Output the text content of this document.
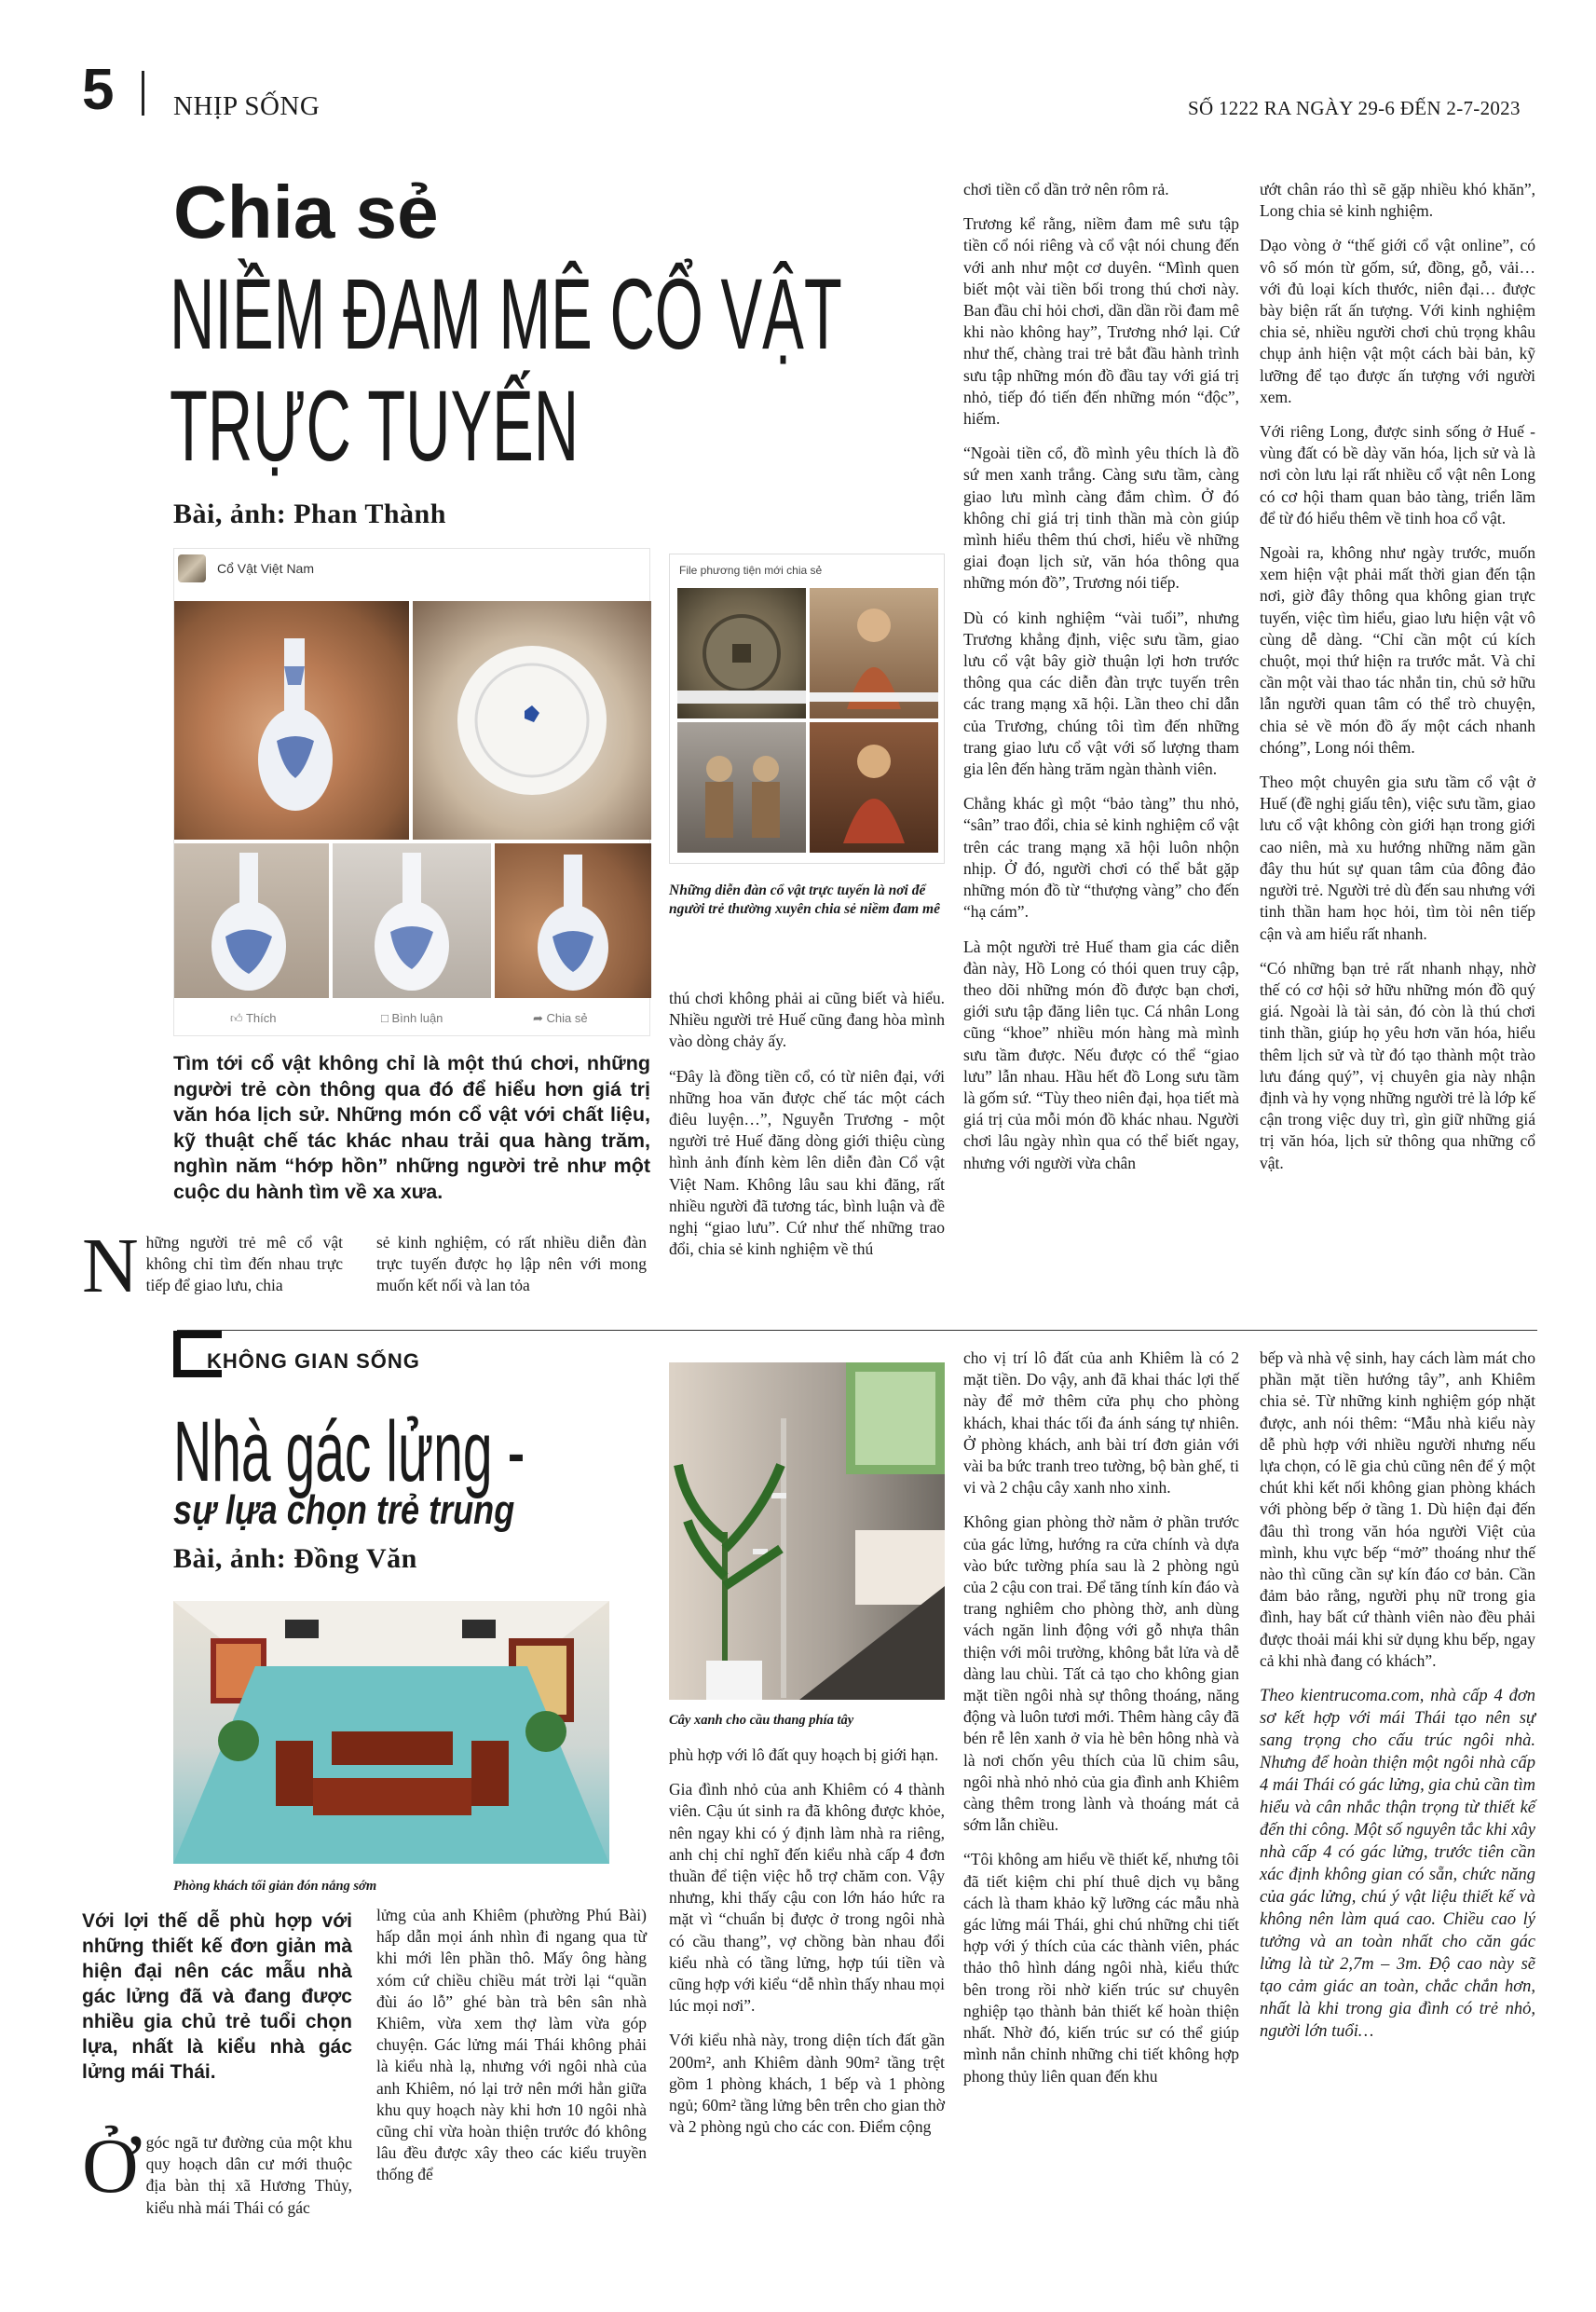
5 NHỊP SỐNG	SỐ 1222 RA NGÀY 29-6 ĐẾN 2-7-2023
Chia sẻ
NIỀM ĐAM MÊ CỔ VẬT
TRỰC TUYẾN
Bài, ảnh: Phan Thành
Cổ Vật Việt Nam
👍︎ Thích	□ Bình luận	➦ Chia sẻ
File phương tiện mới chia sẻ
Những diễn đàn cổ vật trực tuyến là nơi để người trẻ thường xuyên chia sẻ niềm đam mê
Tìm tới cổ vật không chỉ là một thú chơi, những người trẻ còn thông qua đó để hiểu hơn giá trị văn hóa lịch sử. Những món cổ vật với chất liệu, kỹ thuật chế tác khác nhau trải qua hàng trăm, nghìn năm “hớp hồn” những người trẻ như một cuộc du hành tìm về xa xưa.
Những người trẻ mê cổ vật không chỉ tìm đến nhau trực tiếp để giao lưu, chia
sẻ kinh nghiệm, có rất nhiều diễn đàn trực tuyến được họ lập nên với mong muốn kết nối và lan tỏa

thú chơi không phải ai cũng biết và hiểu. Nhiều người trẻ Huế cũng đang hòa mình vào dòng chảy ấy.

“Đây là đồng tiền cổ, có từ niên đại, với những hoa văn được chế tác một cách điêu luyện…”, Nguyễn Trương - một người trẻ Huế đăng dòng giới thiệu cùng hình ảnh đính kèm lên diễn đàn Cổ vật Việt Nam. Không lâu sau khi đăng, rất nhiều người đã tương tác, bình luận và đề nghị “giao lưu”. Cứ như thế những trao đổi, chia sẻ kinh nghiệm về thú

chơi tiền cổ dần trở nên rôm rả.

Trương kể rằng, niềm đam mê sưu tập tiền cổ nói riêng và cổ vật nói chung đến với anh như một cơ duyên. “Mình quen biết một vài tiền bối trong thú chơi này. Ban đầu chỉ hỏi chơi, dần dần rồi đam mê khi nào không hay”, Trương nhớ lại. Cứ như thế, chàng trai trẻ bắt đầu hành trình sưu tập những món đồ đầu tay với giá trị nhỏ, tiếp đó tiến đến những món “độc”, hiếm.

“Ngoài tiền cổ, đồ mình yêu thích là đồ sứ men xanh trắng. Càng sưu tầm, càng giao lưu mình càng đắm chìm. Ở đó không chỉ giá trị tinh thần mà còn giúp mình hiểu thêm thú chơi, hiểu về những giai đoạn lịch sử, văn hóa thông qua những món đồ”, Trương nói tiếp.

Dù có kinh nghiệm “vài tuổi”, nhưng Trương khẳng định, việc sưu tầm, giao lưu cổ vật bây giờ thuận lợi hơn trước thông qua các diễn đàn trực tuyến trên các trang mạng xã hội. Lần theo chỉ dẫn của Trương, chúng tôi tìm đến những trang giao lưu cổ vật với số lượng tham gia lên đến hàng trăm ngàn thành viên.

Chẳng khác gì một “bảo tàng” thu nhỏ, “sân” trao đổi, chia sẻ kinh nghiệm cổ vật trên các trang mạng xã hội luôn nhộn nhịp. Ở đó, người chơi có thể bắt gặp những món đồ từ “thượng vàng” cho đến “hạ cám”.

Là một người trẻ Huế tham gia các diễn đàn này, Hồ Long có thói quen truy cập, theo dõi những món đồ được bạn chơi, giới sưu tập đăng liên tục. Cá nhân Long cũng “khoe” nhiều món hàng mà mình sưu tầm được. Nếu được có thể “giao lưu” lẫn nhau. Hầu hết đồ Long sưu tầm là gốm sứ. “Tùy theo niên đại, họa tiết mà giá trị của mỗi món đồ khác nhau. Người chơi lâu ngày nhìn qua có thể biết ngay, nhưng với người vừa chân

ướt chân ráo thì sẽ gặp nhiều khó khăn”, Long chia sẻ kinh nghiệm.

Dạo vòng ở “thế giới cổ vật online”, có vô số món từ gốm, sứ, đồng, gỗ, vải… với đủ loại kích thước, niên đại… được bày biện rất ấn tượng. Với kinh nghiệm chia sẻ, nhiều người chơi chủ trọng khâu chụp ảnh hiện vật một cách bài bản, kỹ lưỡng để tạo được ấn tượng với người xem.

Với riêng Long, được sinh sống ở Huế - vùng đất có bề dày văn hóa, lịch sử và là nơi còn lưu lại rất nhiều cổ vật nên Long có cơ hội tham quan bảo tàng, triển lãm để từ đó hiểu thêm về tinh hoa cổ vật.

Ngoài ra, không như ngày trước, muốn xem hiện vật phải mất thời gian đến tận nơi, giờ đây thông qua không gian trực tuyến, việc tìm hiểu, giao lưu hiện vật vô cùng dễ dàng. “Chỉ cần một cú kích chuột, mọi thứ hiện ra trước mắt. Và chỉ cần một vài thao tác nhắn tin, chủ sở hữu lẫn người quan tâm có thể trò chuyện, chia sẻ về món đồ ấy một cách nhanh chóng”, Long nói thêm.

Theo một chuyên gia sưu tầm cổ vật ở Huế (đề nghị giấu tên), việc sưu tầm, giao lưu cổ vật không còn giới hạn trong giới cao niên, mà xu hướng những năm gần đây thu hút sự quan tâm của đông đảo người trẻ. Người trẻ dù đến sau nhưng với tinh thần ham học hỏi, tìm tòi nên tiếp cận và am hiểu rất nhanh.

“Có những bạn trẻ rất nhanh nhạy, nhờ thế có cơ hội sở hữu những món đồ quý giá. Ngoài là tài sản, đó còn là thú chơi tinh thần, giúp họ yêu hơn văn hóa, hiểu thêm lịch sử và từ đó tạo thành một trào lưu đáng quý”, vị chuyên gia này nhận định và hy vọng những người trẻ là lớp kế cận trong việc duy trì, gìn giữ những giá trị văn hóa, lịch sử thông qua những cổ vật.

KHÔNG GIAN SỐNG
Nhà gác lửng -
sự lựa chọn trẻ trung
Bài, ảnh: Đồng Văn
Phòng khách tối giản đón nắng sớm
Cây xanh cho cầu thang phía tây
Với lợi thế dễ phù hợp với những thiết kế đơn giản mà hiện đại nên các mẫu nhà gác lửng đã và đang được nhiều gia chủ trẻ tuổi chọn lựa, nhất là kiểu nhà gác lửng mái Thái.
Ởgóc ngã tư đường của một khu quy hoạch dân cư mới thuộc địa bàn thị xã Hương Thủy, kiểu nhà mái Thái có gác
lửng của anh Khiêm (phường Phú Bài) hấp dẫn mọi ánh nhìn đi ngang qua từ khi mới lên phần thô. Mấy ông hàng xóm cứ chiều chiều mát trời lại “quần đùi áo lỗ” ghé bàn trà bên sân nhà Khiêm, vừa xem thợ làm vừa góp chuyện. Gác lửng mái Thái không phải là kiểu nhà lạ, nhưng với ngôi nhà của anh Khiêm, nó lại trở nên mới hẳn giữa khu quy hoạch này khi hơn 10 ngôi nhà cũng chỉ vừa hoàn thiện trước đó không lâu đều được xây theo các kiểu truyền thống để

phù hợp với lô đất quy hoạch bị giới hạn.

Gia đình nhỏ của anh Khiêm có 4 thành viên. Cậu út sinh ra đã không được khỏe, nên ngay khi có ý định làm nhà ra riêng, anh chị chỉ nghĩ đến kiểu nhà cấp 4 đơn thuần để tiện việc hỗ trợ chăm con. Vậy nhưng, khi thấy cậu con lớn háo hức ra mặt vì “chuẩn bị được ở trong ngôi nhà có cầu thang”, vợ chồng bàn nhau đổi kiểu nhà có tầng lửng, hợp túi tiền và cũng hợp với kiểu “dễ nhìn thấy nhau mọi lúc mọi nơi”.

Với kiểu nhà này, trong diện tích đất gần 200m², anh Khiêm dành 90m² tầng trệt gồm 1 phòng khách, 1 bếp và 1 phòng ngủ; 60m² tầng lửng bên trên cho gian thờ và 2 phòng ngủ cho các con. Điểm cộng

cho vị trí lô đất của anh Khiêm là có 2 mặt tiền. Do vậy, anh đã khai thác lợi thế này để mở thêm cửa phụ cho phòng khách, khai thác tối đa ánh sáng tự nhiên. Ở phòng khách, anh bài trí đơn giản với vài ba bức tranh treo tường, bộ bàn ghế, ti vi và 2 chậu cây xanh nho xinh.

Không gian phòng thờ nằm ở phần trước của gác lửng, hướng ra cửa chính và dựa vào bức tường phía sau là 2 phòng ngủ của 2 cậu con trai. Để tăng tính kín đáo và trang nghiêm cho phòng thờ, anh dùng vách ngăn linh động với gỗ nhựa thân thiện với môi trường, không bắt lửa và dễ dàng lau chùi. Tất cả tạo cho không gian mặt tiền ngôi nhà sự thông thoáng, năng động và luôn tươi mới. Thêm hàng cây đã bén rễ lên xanh ở vỉa hè bên hông nhà và là nơi chốn yêu thích của lũ chim sâu, ngôi nhà nhỏ nhỏ của gia đình anh Khiêm càng thêm trong lành và thoáng mát cả sớm lẫn chiều.

“Tôi không am hiểu về thiết kế, nhưng tôi đã tiết kiệm chi phí thuê dịch vụ bằng cách là tham khảo kỹ lưỡng các mẫu nhà gác lửng mái Thái, ghi chú những chi tiết hợp với ý thích của các thành viên, phác thảo thô hình dáng ngôi nhà, kiểu thức bên trong rồi nhờ kiến trúc sư chuyên nghiệp tạo thành bản thiết kế hoàn thiện nhất. Nhờ đó, kiến trúc sư có thể giúp mình nắn chỉnh những chi tiết không hợp phong thủy liên quan đến khu

bếp và nhà vệ sinh, hay cách làm mát cho phần mặt tiền hướng tây”, anh Khiêm chia sẻ. Từ những kinh nghiệm góp nhặt được, anh nói thêm: “Mẫu nhà kiểu này dễ phù hợp với nhiều người nhưng nếu lựa chọn, có lẽ gia chủ cũng nên để ý một chút khi kết nối không gian phòng khách với phòng bếp ở tầng 1. Dù hiện đại đến đâu thì trong văn hóa người Việt của mình, khu vực bếp “mở” thoáng như thế nào thì cũng cần sự kín đáo cơ bản. Cần đảm bảo rằng, người phụ nữ trong gia đình, hay bất cứ thành viên nào đều phải được thoải mái khi sử dụng khu bếp, ngay cả khi nhà đang có khách”.

Theo kientrucoma.com, nhà cấp 4 đơn sơ kết hợp với mái Thái tạo nên sự sang trọng cho cấu trúc ngôi nhà. Nhưng để hoàn thiện một ngôi nhà cấp 4 mái Thái có gác lửng, gia chủ cần tìm hiểu và cân nhắc thận trọng từ thiết kế đến thi công. Một số nguyên tắc khi xây nhà cấp 4 có gác lửng, trước tiên cần xác định không gian có sẵn, chức năng của gác lửng, chú ý vật liệu thiết kế và không nên làm quá cao. Chiều cao lý tưởng và an toàn nhất cho căn gác lửng là từ 2,7m – 3m. Độ cao này sẽ tạo cảm giác an toàn, chắc chắn hơn, nhất là khi trong gia đình có trẻ nhỏ, người lớn tuổi…
